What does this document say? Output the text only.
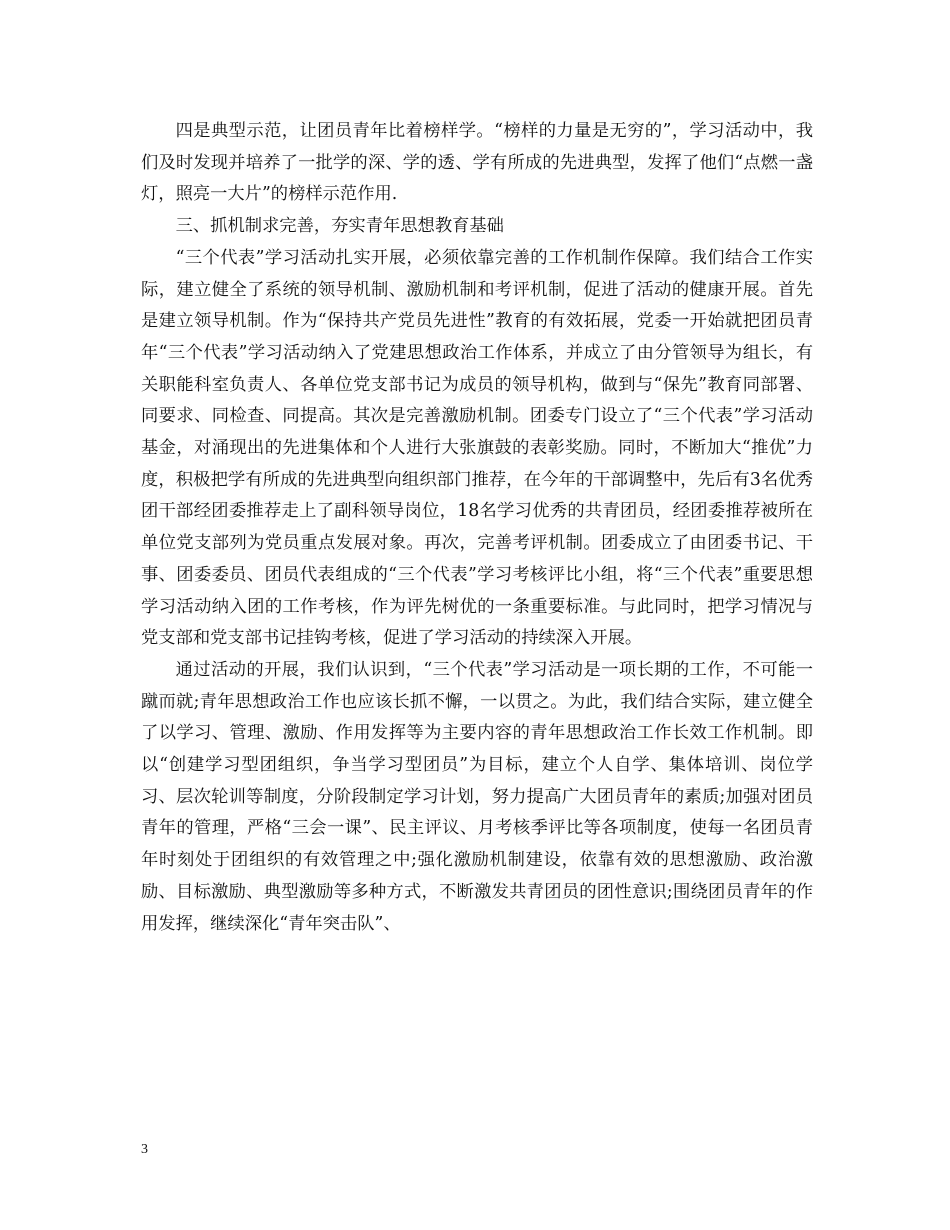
四是典型示范，让团员青年比着榜样学。“榜样的力量是无穷的”，学习活动中，我们及时发现并培养了一批学的深、学的透、学有所成的先进典型，发挥了他们“点燃一盏灯，照亮一大片”的榜样示范作用.

三、抓机制求完善，夯实青年思想教育基础

“三个代表”学习活动扎实开展，必须依靠完善的工作机制作保障。我们结合工作实际，建立健全了系统的领导机制、激励机制和考评机制，促进了活动的健康开展。首先是建立领导机制。作为“保持共产党员先进性”教育的有效拓展，党委一开始就把团员青年“三个代表”学习活动纳入了党建思想政治工作体系，并成立了由分管领导为组长，有关职能科室负责人、各单位党支部书记为成员的领导机构，做到与“保先”教育同部署、同要求、同检查、同提高。其次是完善激励机制。团委专门设立了“三个代表”学习活动基金，对涌现出的先进集体和个人进行大张旗鼓的表彰奖励。同时，不断加大“推优”力度，积极把学有所成的先进典型向组织部门推荐，在今年的干部调整中，先后有3名优秀团干部经团委推荐走上了副科领导岗位，18名学习优秀的共青团员，经团委推荐被所在单位党支部列为党员重点发展对象。再次，完善考评机制。团委成立了由团委书记、干事、团委委员、团员代表组成的“三个代表”学习考核评比小组，将“三个代表”重要思想学习活动纳入团的工作考核，作为评先树优的一条重要标准。与此同时，把学习情况与党支部和党支部书记挂钩考核，促进了学习活动的持续深入开展。

通过活动的开展，我们认识到，“三个代表”学习活动是一项长期的工作，不可能一蹴而就;青年思想政治工作也应该长抓不懈，一以贯之。为此，我们结合实际，建立健全了以学习、管理、激励、作用发挥等为主要内容的青年思想政治工作长效工作机制。即以“创建学习型团组织，争当学习型团员”为目标，建立个人自学、集体培训、岗位学习、层次轮训等制度，分阶段制定学习计划，努力提高广大团员青年的素质;加强对团员青年的管理，严格“三会一课”、民主评议、月考核季评比等各项制度，使每一名团员青年时刻处于团组织的有效管理之中;强化激励机制建设，依靠有效的思想激励、政治激励、目标激励、典型激励等多种方式，不断激发共青团员的团性意识;围绕团员青年的作用发挥，继续深化“青年突击队”、

3
